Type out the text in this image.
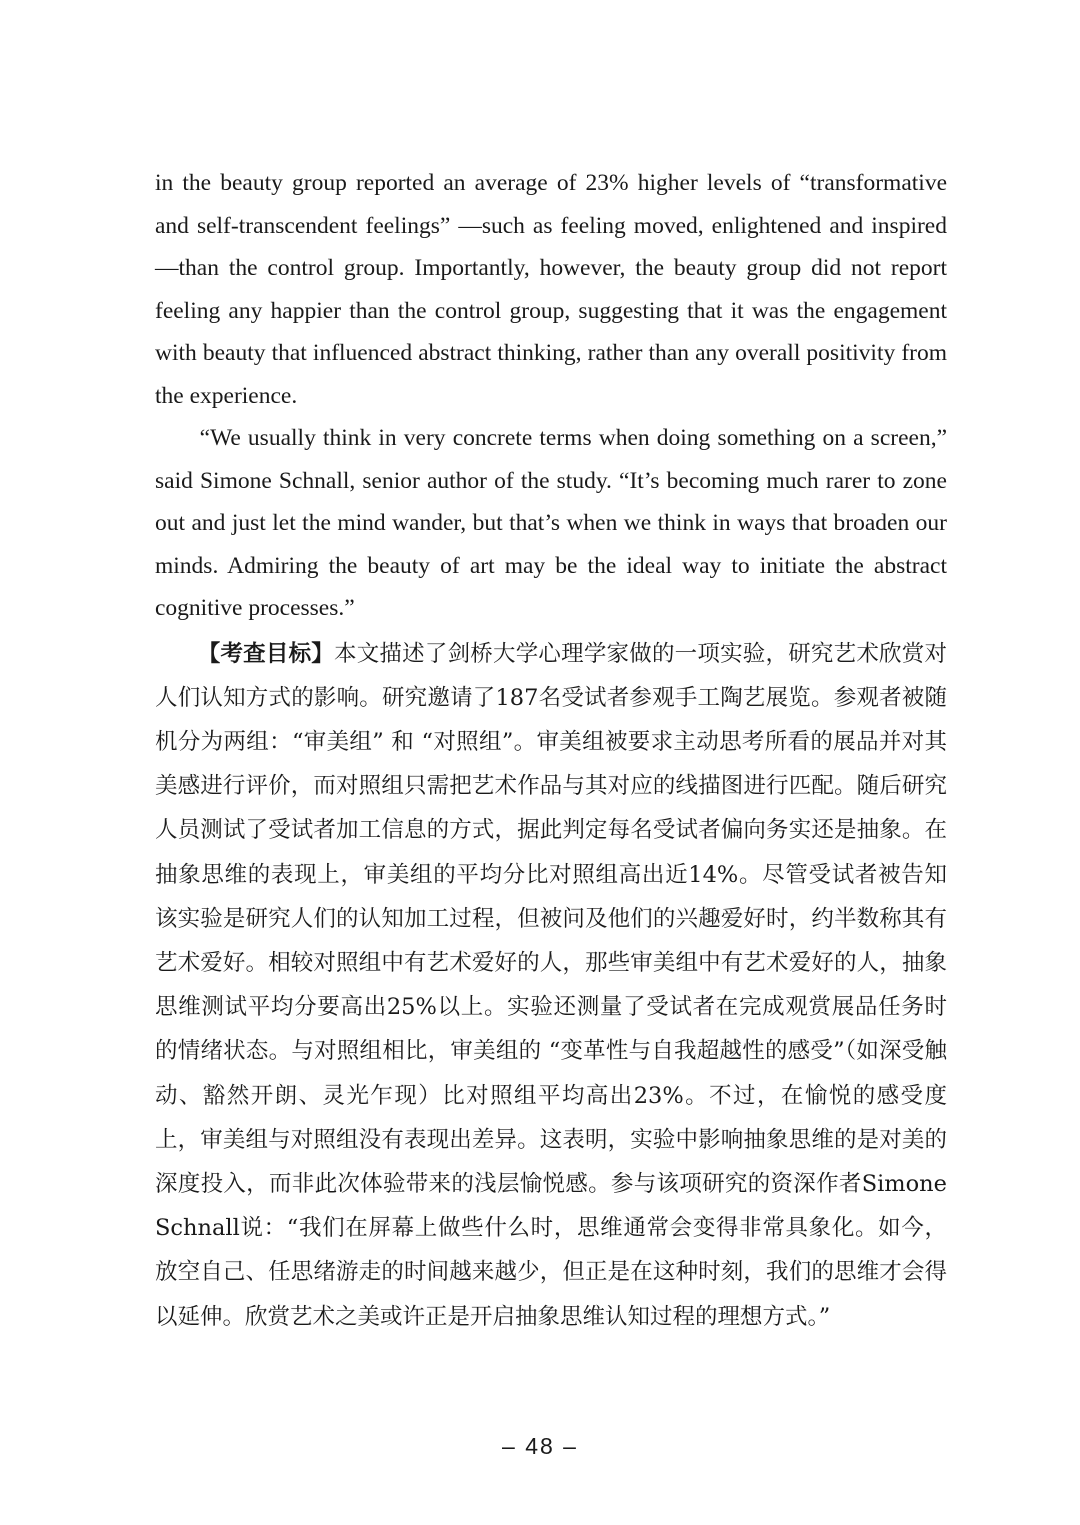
in the beauty group reported an average of 23% higher levels of “transformative and self-transcendent feelings” —such as feeling moved, enlightened and inspired—than the control group. Importantly, however, the beauty group did not report feeling any happier than the control group, suggesting that it was the engagement with beauty that influenced abstract thinking, rather than any overall positivity from the experience.

“We usually think in very concrete terms when doing something on a screen,” said Simone Schnall, senior author of the study. “It’s becoming much rarer to zone out and just let the mind wander, but that’s when we think in ways that broaden our minds. Admiring the beauty of art may be the ideal way to initiate the abstract cognitive processes.”

【考查目标】本文描述了剑桥大学心理学家做的一项实验，研究艺术欣赏对人们认知方式的影响。研究邀请了187名受试者参观手工陶艺展览。参观者被随机分为两组：“审美组” 和 “对照组”。审美组被要求主动思考所看的展品并对其美感进行评价，而对照组只需把艺术作品与其对应的线描图进行匹配。随后研究人员测试了受试者加工信息的方式，据此判定每名受试者偏向务实还是抽象。在抽象思维的表现上，审美组的平均分比对照组高出近14%。尽管受试者被告知该实验是研究人们的认知加工过程，但被问及他们的兴趣爱好时，约半数称其有艺术爱好。相较对照组中有艺术爱好的人，那些审美组中有艺术爱好的人，抽象思维测试平均分要高出25%以上。实验还测量了受试者在完成观赏展品任务时的情绪状态。与对照组相比，审美组的 “变革性与自我超越性的感受”（如深受触动、豁然开朗、灵光乍现）比对照组平均高出23%。不过，在愉悦的感受度上，审美组与对照组没有表现出差异。这表明，实验中影响抽象思维的是对美的深度投入，而非此次体验带来的浅层愉悦感。参与该项研究的资深作者Simone Schnall说：“我们在屏幕上做些什么时，思维通常会变得非常具象化。如今，放空自己、任思绪游走的时间越来越少，但正是在这种时刻，我们的思维才会得以延伸。欣赏艺术之美或许正是开启抽象思维认知过程的理想方式。”

– 48 –
